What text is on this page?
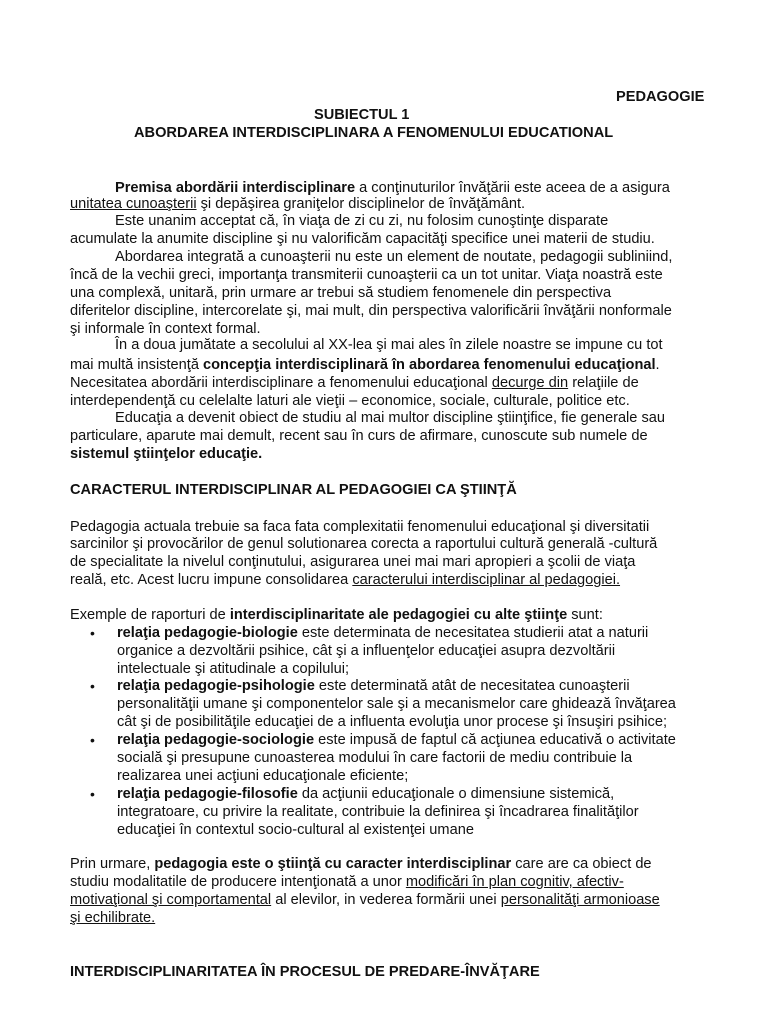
PEDAGOGIE
SUBIECTUL 1
ABORDAREA INTERDISCIPLINARA A FENOMENULUI EDUCATIONAL
Premisa abordării interdisciplinare a conţinuturilor învăţării este aceea de a asigura
unitatea cunoaşterii şi depăşirea graniţelor disciplinelor de învăţământ.
Este unanim acceptat că, în viaţa de zi cu zi, nu folosim cunoştinţe disparate
acumulate la anumite discipline şi nu valorificăm capacităţi specifice unei materii de studiu.
Abordarea integrată a cunoaşterii nu este un element de noutate, pedagogii subliniind,
încă de la vechii greci, importanţa transmiterii cunoaşterii ca un tot unitar. Viaţa noastră este
una complexă, unitară, prin urmare ar trebui să studiem fenomenele din perspectiva
diferitelor discipline, intercorelate şi, mai mult, din perspectiva valorificării învăţării nonformale
şi informale în context formal.
În a doua jumătate a secolului al XX-lea şi mai ales în zilele noastre se impune cu tot
mai multă insistenţă concepţia interdisciplinară în abordarea fenomenului educaţional.
Necesitatea abordării interdisciplinare a fenomenului educaţional decurge din relaţiile de
interdependenţă cu celelalte laturi ale vieţii – economice, sociale, culturale, politice etc.
Educaţia a devenit obiect de studiu al mai multor discipline ştiinţifice, fie generale sau
particulare, aparute mai demult, recent sau în curs de afirmare, cunoscute sub numele de
sistemul ştiinţelor educaţie.
CARACTERUL INTERDISCIPLINAR AL PEDAGOGIEI CA ŞTIINŢĂ
Pedagogia actuala trebuie sa faca fata complexitatii fenomenului educaţional şi diversitatii
sarcinilor şi provocărilor de genul solutionarea corecta a raportului cultură generală -cultură
de specialitate la nivelul conţinutului, asigurarea unei mai mari apropieri a şcolii de viaţa
reală, etc. Acest lucru impune consolidarea caracterului interdisciplinar al pedagogiei.
Exemple de raporturi de interdisciplinaritate ale pedagogiei cu alte ştiinţe sunt:
• relaţia pedagogie-biologie este determinata de necesitatea studierii atat a naturii
organice a dezvoltării psihice, cât şi a influenţelor educaţiei asupra dezvoltării
intelectuale şi atitudinale a copilului;
• relaţia pedagogie-psihologie este determinată atât de necesitatea cunoaşterii
personalităţii umane şi componentelor sale şi a mecanismelor care ghidează învăţarea
cât şi de posibilităţile educaţiei de a influenta evoluţia unor procese şi însuşiri psihice;
• relaţia pedagogie-sociologie este impusă de faptul că acţiunea educativă o activitate
socială şi presupune cunoasterea modului în care factorii de mediu contribuie la
realizarea unei acţiuni educaţionale eficiente;
• relaţia pedagogie-filosofie da acţiunii educaţionale o dimensiune sistemică,
integratoare, cu privire la realitate, contribuie la definirea şi încadrarea finalităţilor
educaţiei în contextul socio-cultural al existenţei umane
Prin urmare, pedagogia este o ştiinţă cu caracter interdisciplinar care are ca obiect de
studiu modalitatile de producere intenţionată a unor modificări în plan cognitiv, afectiv-
motivaţional şi comportamental al elevilor, in vederea formării unei personalităţi armonioase
şi echilibrate.
INTERDISCIPLINARITATEA ÎN PROCESUL DE PREDARE-ÎNVĂŢARE
